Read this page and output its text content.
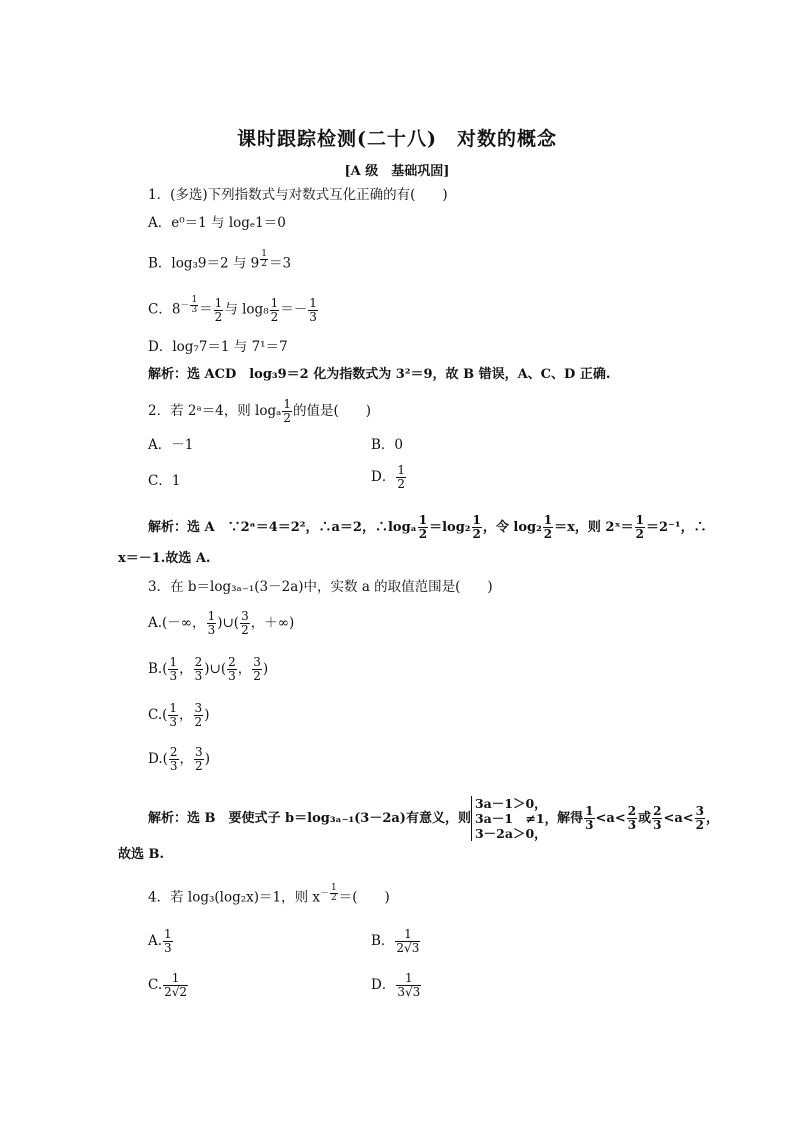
课时跟踪检测(二十八)　对数的概念
[A 级　基础巩固]
1．(多选)下列指数式与对数式互化正确的有(　　)
A．e⁰＝1 与 logₑ1＝0
B．log₃9＝2 与 9 $^{\frac{1}{2}}$ ＝3
C．$8^{- \frac{1}{3}} = \frac{1}{2}$ 与 $\log_8 \frac{1}{2} =- \frac{1}{3}$
D．log₇7＝1 与 7¹＝7
解析：选 ACD　log₃9＝2 化为指数式为 3²＝9，故 B 错误，A、C、D 正确.
2．若 2ᵃ＝4，则 logₐ $\frac{1}{2}$ 的值是(　　)
A．－1	B．0
C．1	D． $\frac{1}{2}$
解析：选 A　∵2ᵃ＝4＝2²，∴a＝2，∴logₐ $\frac{1}{2} =\log_2 \frac{1}{2}$ ，令 $\log_2 \frac{1}{2} =x$，则 2ˣ＝ $\frac{1}{2} =2^{-1}$，∴
x＝－1.故选 A.
3．在 b＝log₃ₐ₋₁(3－2a)中，实数 a 的取值范围是(　　)
A.(－∞， $\frac{1}{3}$ )∪( $\frac{3}{2}$ ，＋∞)
$B.( \frac{1}{3}$ ， $\frac{2}{3}$ )∪( $\frac{2}{3}$ ， $\frac{3}{2}$ )
$C.( \frac{1}{3}$ ， $\frac{3}{2}$ )
$D.( \frac{2}{3}$ ， $\frac{3}{2}$ )
解析：选 B　要使式子 b＝log₃ₐ₋₁(3－2a)有意义，则
3a－1＞0，
3a－1　≠1，
3－2a＞0，
解得 $\frac{1}{3} <a< \frac{2}{3}$ 或 $\frac{2}{3} <a< \frac{3}{2}$ ，
故选 B.
4．若 log₃(log₂x)＝1，则 $x^{- \frac{1}{2}}$ ＝(　　)
A. $\frac{1}{3}$	B． $\frac{1}{2√3}$
C. $\frac{1}{2√2}$	D． $\frac{1}{3√3}$
